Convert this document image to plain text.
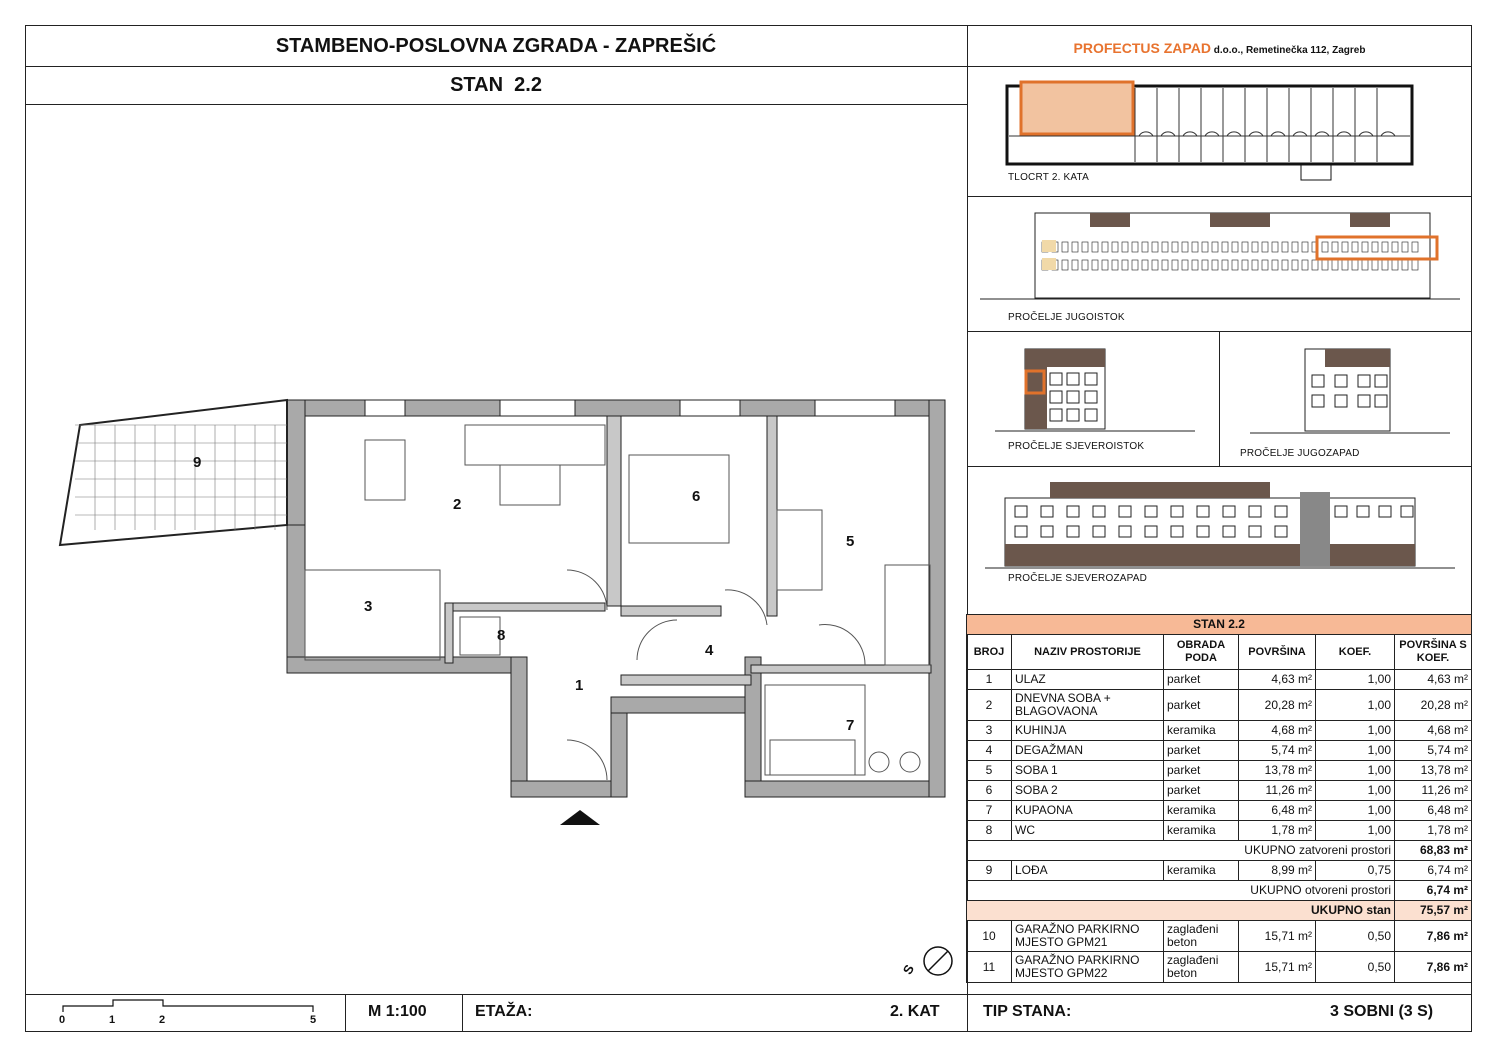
STAMBENO-POSLOVNA ZGRADA - ZAPREŠIĆ
STAN  2.2
PROFECTUS ZAPAD d.o.o., Remetinečka 112, Zagreb
TLOCRT 2. KATA
PROČELJE JUGOISTOK
PROČELJE SJEVEROISTOK
PROČELJE JUGOZAPAD
PROČELJE SJEVEROZAPAD
9
2
3
8
1
6
4
5
7
S
STAN 2.2					
BROJ	NAZIV PROSTORIJE	OBRADA PODA	POVRŠINA	KOEF.	POVRŠINA S KOEF.
1	ULAZ	parket	4,63 m²	1,00	4,63 m²
2	DNEVNA SOBA + BLAGOVAONA	parket	20,28 m²	1,00	20,28 m²
3	KUHINJA	keramika	4,68 m²	1,00	4,68 m²
4	DEGAŽMAN	parket	5,74 m²	1,00	5,74 m²
5	SOBA 1	parket	13,78 m²	1,00	13,78 m²
6	SOBA 2	parket	11,26 m²	1,00	11,26 m²
7	KUPAONA	keramika	6,48 m²	1,00	6,48 m²
8	WC	keramika	1,78 m²	1,00	1,78 m²
UKUPNO zatvoreni prostori					68,83 m²
9	LOĐA	keramika	8,99 m²	0,75	6,74 m²
UKUPNO otvoreni prostori					6,74 m²
UKUPNO stan					75,57 m²
10	GARAŽNO PARKIRNO MJESTO GPM21	zaglađeni beton	15,71 m²	0,50	7,86 m²
11	GARAŽNO PARKIRNO MJESTO GPM22	zaglađeni beton	15,71 m²	0,50	7,86 m²
0	1	2	5	M 1:100	ETAŽA:	2. KAT	TIP STANA:	3 SOBNI (3 S)
